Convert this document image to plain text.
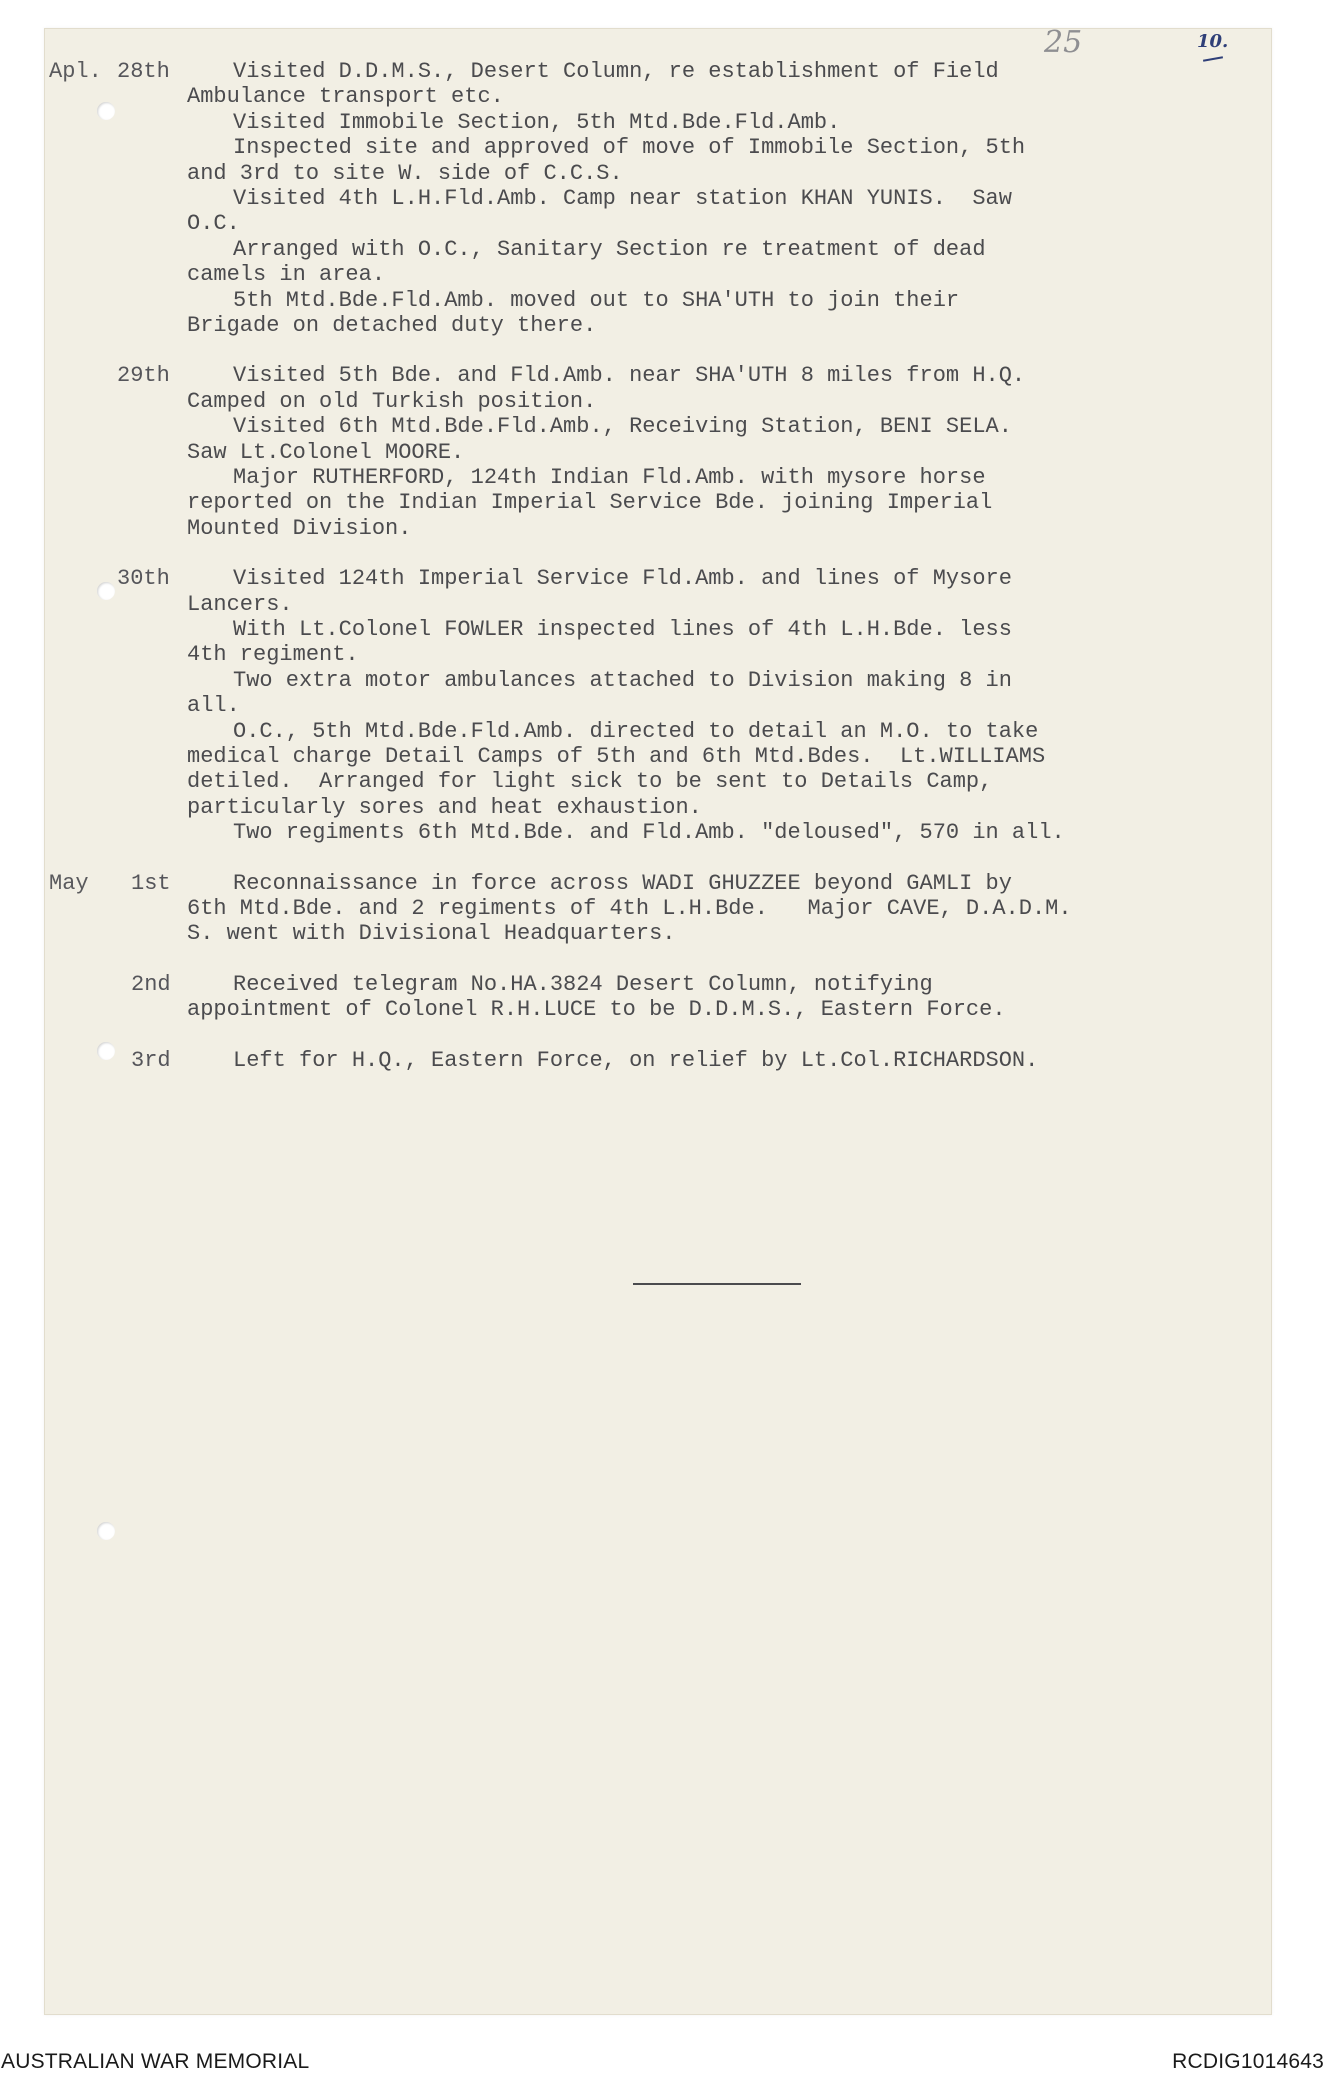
25	10.
Apl. 28th	Visited D.D.M.S., Desert Column, re establishment of Field
Ambulance transport etc.
Visited Immobile Section, 5th Mtd.Bde.Fld.Amb.
Inspected site and approved of move of Immobile Section, 5th
and 3rd to site W. side of C.C.S.
Visited 4th L.H.Fld.Amb. Camp near station KHAN YUNIS.  Saw
O.C.
Arranged with O.C., Sanitary Section re treatment of dead
camels in area.
5th Mtd.Bde.Fld.Amb. moved out to SHA'UTH to join their
Brigade on detached duty there.
29th	Visited 5th Bde. and Fld.Amb. near SHA'UTH 8 miles from H.Q.
Camped on old Turkish position.
Visited 6th Mtd.Bde.Fld.Amb., Receiving Station, BENI SELA.
Saw Lt.Colonel MOORE.
Major RUTHERFORD, 124th Indian Fld.Amb. with mysore horse
reported on the Indian Imperial Service Bde. joining Imperial
Mounted Division.
30th	Visited 124th Imperial Service Fld.Amb. and lines of Mysore
Lancers.
With Lt.Colonel FOWLER inspected lines of 4th L.H.Bde. less
4th regiment.
Two extra motor ambulances attached to Division making 8 in
all.
O.C., 5th Mtd.Bde.Fld.Amb. directed to detail an M.O. to take
medical charge Detail Camps of 5th and 6th Mtd.Bdes.  Lt.WILLIAMS
detiled.  Arranged for light sick to be sent to Details Camp,
particularly sores and heat exhaustion.
Two regiments 6th Mtd.Bde. and Fld.Amb. "deloused", 570 in all.
May 1st	Reconnaissance in force across WADI GHUZZEE beyond GAMLI by
6th Mtd.Bde. and 2 regiments of 4th L.H.Bde.   Major CAVE, D.A.D.M.
S. went with Divisional Headquarters.
2nd	Received telegram No.HA.3824 Desert Column, notifying
appointment of Colonel R.H.LUCE to be D.D.M.S., Eastern Force.
3rd	Left for H.Q., Eastern Force, on relief by Lt.Col.RICHARDSON.
AUSTRALIAN WAR MEMORIAL	RCDIG1014643
